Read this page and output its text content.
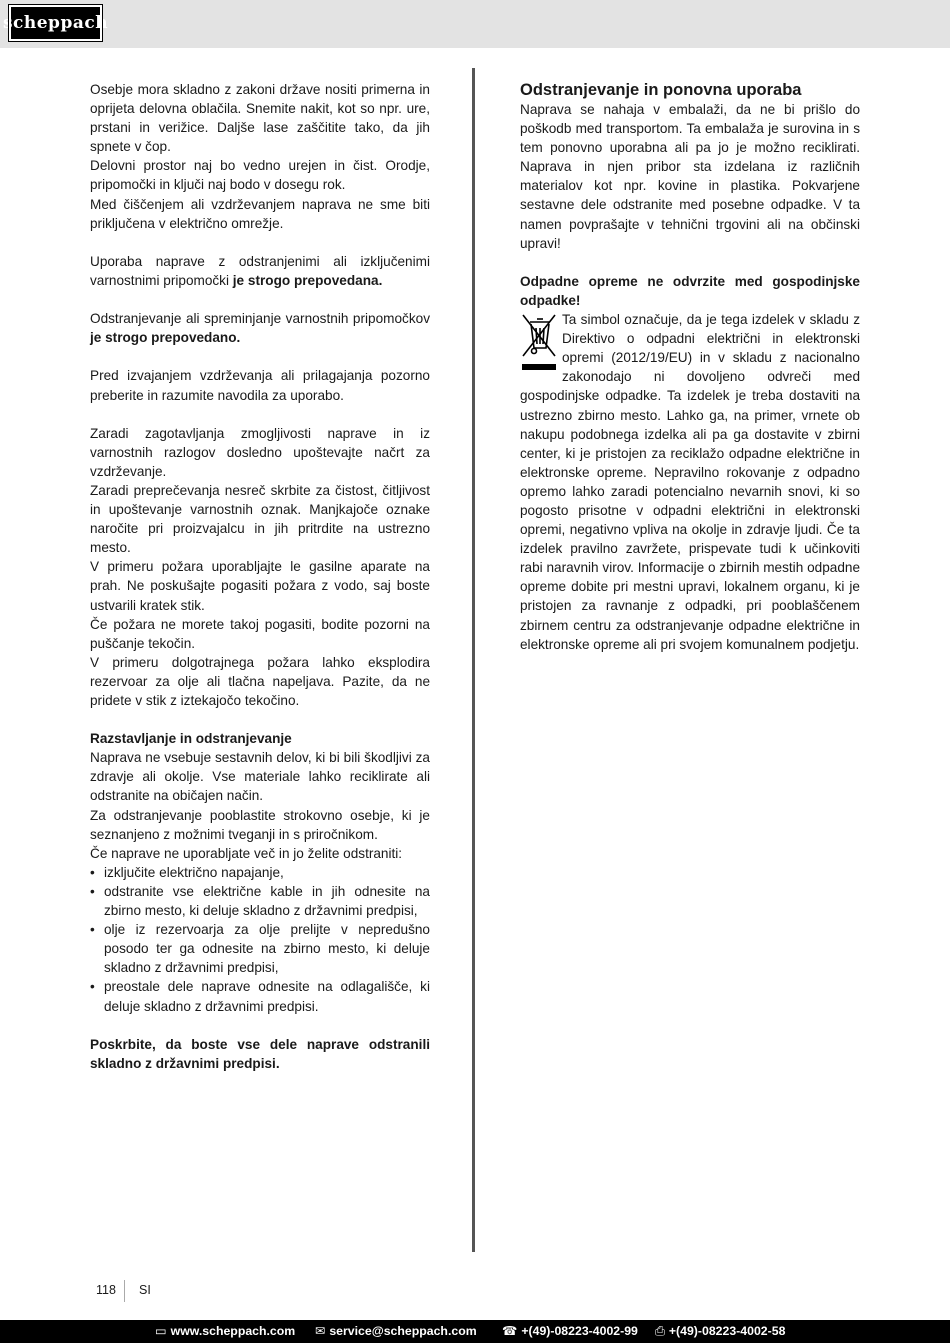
scheppach

Osebje mora skladno z zakoni države nositi primerna in oprijeta delovna oblačila. Snemite nakit, kot so npr. ure, prstani in verižice. Daljše lase zaščitite tako, da jih spnete v čop.

Delovni prostor naj bo vedno urejen in čist. Orodje, pripomočki in ključi naj bodo v dosegu rok.

Med čiščenjem ali vzdrževanjem naprava ne sme biti priključena v električno omrežje.

Uporaba naprave z odstranjenimi ali izključenimi varnostnimi pripomočki je strogo prepovedana.

Odstranjevanje ali spreminjanje varnostnih pripomočkov je strogo prepovedano.

Pred izvajanjem vzdrževanja ali prilagajanja pozorno preberite in razumite navodila za uporabo.

Zaradi zagotavljanja zmogljivosti naprave in iz varnostnih razlogov dosledno upoštevajte načrt za vzdrževanje.

Zaradi preprečevanja nesreč skrbite za čistost, čitljivost in upoštevanje varnostnih oznak. Manjkajoče oznake naročite pri proizvajalcu in jih pritrdite na ustrezno mesto.

V primeru požara uporabljajte le gasilne aparate na prah. Ne poskušajte pogasiti požara z vodo, saj boste ustvarili kratek stik.

Če požara ne morete takoj pogasiti, bodite pozorni na puščanje tekočin.

V primeru dolgotrajnega požara lahko eksplodira rezervoar za olje ali tlačna napeljava. Pazite, da ne pridete v stik z iztekajočo tekočino.

Razstavljanje in odstranjevanje

Naprava ne vsebuje sestavnih delov, ki bi bili škodljivi za zdravje ali okolje. Vse materiale lahko reciklirate ali odstranite na običajen način.

Za odstranjevanje pooblastite strokovno osebje, ki je seznanjeno z možnimi tveganji in s priročnikom.

Če naprave ne uporabljate več in jo želite odstraniti:

• izključite električno napajanje,
• odstranite vse električne kable in jih odnesite na zbirno mesto, ki deluje skladno z državnimi predpisi,
• olje iz rezervoarja za olje prelijte v nepredušno posodo ter ga odnesite na zbirno mesto, ki deluje skladno z državnimi predpisi,
• preostale dele naprave odnesite na odlagališče, ki deluje skladno z državnimi predpisi.

Poskrbite, da boste vse dele naprave odstranili skladno z državnimi predpisi.

Odstranjevanje in ponovna uporaba

Naprava se nahaja v embalaži, da ne bi prišlo do poškodb med transportom. Ta embalaža je surovina in s tem ponovno uporabna ali pa jo je možno reciklirati. Naprava in njen pribor sta izdelana iz različnih materialov kot npr. kovine in plastika. Pokvarjene sestavne dele odstranite med posebne odpadke. V ta namen povprašajte v tehnični trgovini ali na občinski upravi!

Odpadne opreme ne odvrzite med gospodinjske odpadke!

Ta simbol označuje, da je tega izdelek v skladu z Direktivo o odpadni električni in elektronski opremi (2012/19/EU) in v skladu z nacionalno zakonodajo ni dovoljeno odvreči med gospodinjske odpadke. Ta izdelek je treba dostaviti na ustrezno zbirno mesto. Lahko ga, na primer, vrnete ob nakupu podobnega izdelka ali pa ga dostavite v zbirni center, ki je pristojen za reciklažo odpadne električne in elektronske opreme. Nepravilno rokovanje z odpadno opremo lahko zaradi potencialno nevarnih snovi, ki so pogosto prisotne v odpadni električni in elektronski opremi, negativno vpliva na okolje in zdravje ljudi. Če ta izdelek pravilno zavržete, prispevate tudi k učinkoviti rabi naravnih virov. Informacije o zbirnih mestih odpadne opreme dobite pri mestni upravi, lokalnem organu, ki je pristojen za ravnanje z odpadki, pri pooblaščenem zbirnem centru za odstranjevanje odpadne električne in elektronske opreme ali pri svojem komunalnem podjetju.

118 SI
▭ www.scheppach.com ✉ service@scheppach.com ☎ +(49)-08223-4002-99 ⎙ +(49)-08223-4002-58
